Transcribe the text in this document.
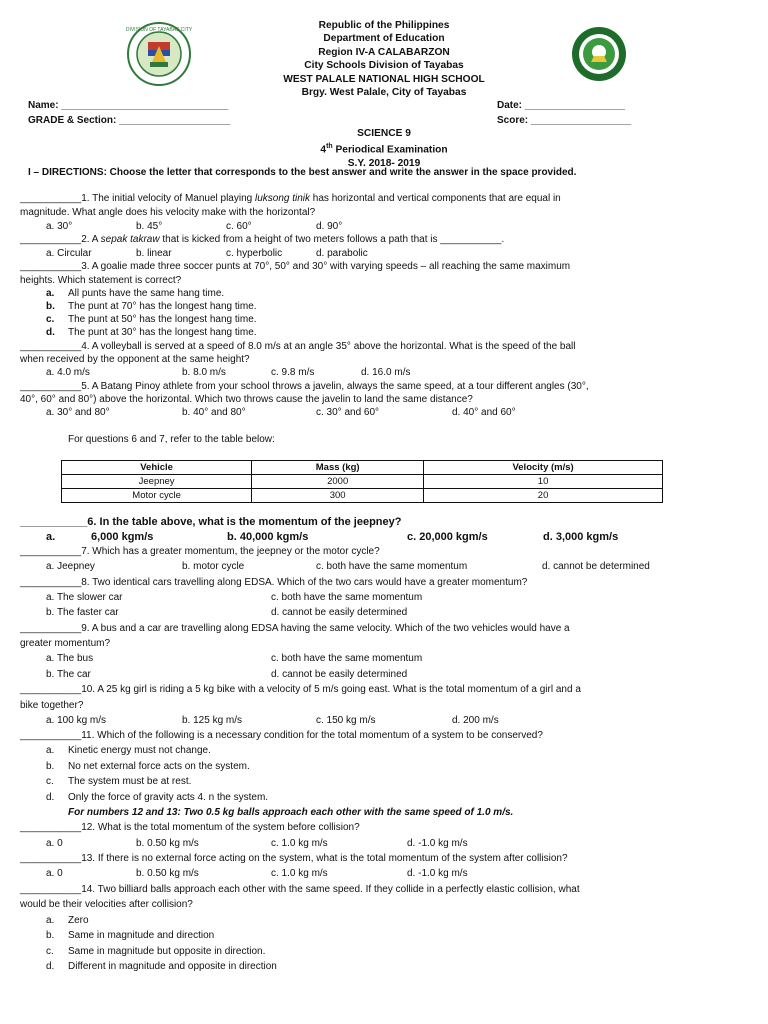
DIVISION OF TAYABAS CITY	Republic of the Philippines
Department of Education
Region IV-A CALABARZON
City Schools Division of Tayabas
WEST PALALE NATIONAL HIGH SCHOOL
Brgy. West Palale, City of Tayabas
Name: ______________________________
GRADE & Section: ____________________
Date: __________________
Score: __________________
SCIENCE 9
4th Periodical Examination
S.Y. 2018- 2019
I – DIRECTIONS: Choose the letter that corresponds to the best answer and write the answer in the space provided.
___________1. The initial velocity of Manuel playing luksong tinik has horizontal and vertical components that are equal in
magnitude. What angle does his velocity make with the horizontal?
a. 30°	b. 45°	c. 60°	d. 90°
___________2. A sepak takraw that is kicked from a height of two meters follows a path that is ___________.
a. Circular	b. linear	c. hyperbolic	d. parabolic
___________3. A goalie made three soccer punts at 70°, 50° and 30° with varying speeds – all reaching the same maximum
heights. Which statement is correct?
a. All punts have the same hang time.
b. The punt at 70° has the longest hang time.
c. The punt at 50° has the longest hang time.
d. The punt at 30° has the longest hang time.
___________4. A volleyball is served at a speed of 8.0 m/s at an angle 35° above the horizontal. What is the speed of the ball
when received by the opponent at the same height?
a. 4.0 m/s	b. 8.0 m/s	c. 9.8 m/s	d. 16.0 m/s
___________5. A Batang Pinoy athlete from your school throws a javelin, always the same speed, at a tour different angles (30°,
40°, 60° and 80°) above the horizontal. Which two throws cause the javelin to land the same distance?
a. 30° and 80°	b. 40° and 80°	c. 30° and 60°	d. 40° and 60°
For questions 6 and 7, refer to the table below:
Vehicle	Mass (kg)	Velocity (m/s)
Jeepney	2000	10
Motor cycle	300	20
___________6. In the table above, what is the momentum of the jeepney?
a.	6,000 kgm/s	b. 40,000 kgm/s	c. 20,000 kgm/s	d. 3,000 kgm/s
___________7. Which has a greater momentum, the jeepney or the motor cycle?
a. Jeepney	b. motor cycle	c. both have the same momentum	d. cannot be determined
___________8. Two identical cars travelling along EDSA. Which of the two cars would have a greater momentum?
a. The slower car	c. both have the same momentum
b. The faster car	d. cannot be easily determined
___________9. A bus and a car are travelling along EDSA having the same velocity. Which of the two vehicles would have a
greater momentum?
a. The bus	c. both have the same momentum
b. The car	d. cannot be easily determined
___________10. A 25 kg girl is riding a 5 kg bike with a velocity of 5 m/s going east. What is the total momentum of a girl and a
bike together?
a. 100 kg m/s	b. 125 kg m/s	c. 150 kg m/s	d. 200 m/s
___________11. Which of the following is a necessary condition for the total momentum of a system to be conserved?
a. Kinetic energy must not change.
b. No net external force acts on the system.
c. The system must be at rest.
d. Only the force of gravity acts 4. n the system.
For numbers 12 and 13: Two 0.5 kg balls approach each other with the same speed of 1.0 m/s.
___________12. What is the total momentum of the system before collision?
a. 0	b. 0.50 kg m/s	c. 1.0 kg m/s	d. -1.0 kg m/s
___________13. If there is no external force acting on the system, what is the total momentum of the system after collision?
a. 0	b. 0.50 kg m/s	c. 1.0 kg m/s	d. -1.0 kg m/s
___________14. Two billiard balls approach each other with the same speed. If they collide in a perfectly elastic collision, what
would be their velocities after collision?
a. Zero
b. Same in magnitude and direction
c. Same in magnitude but opposite in direction.
d. Different in magnitude and opposite in direction
